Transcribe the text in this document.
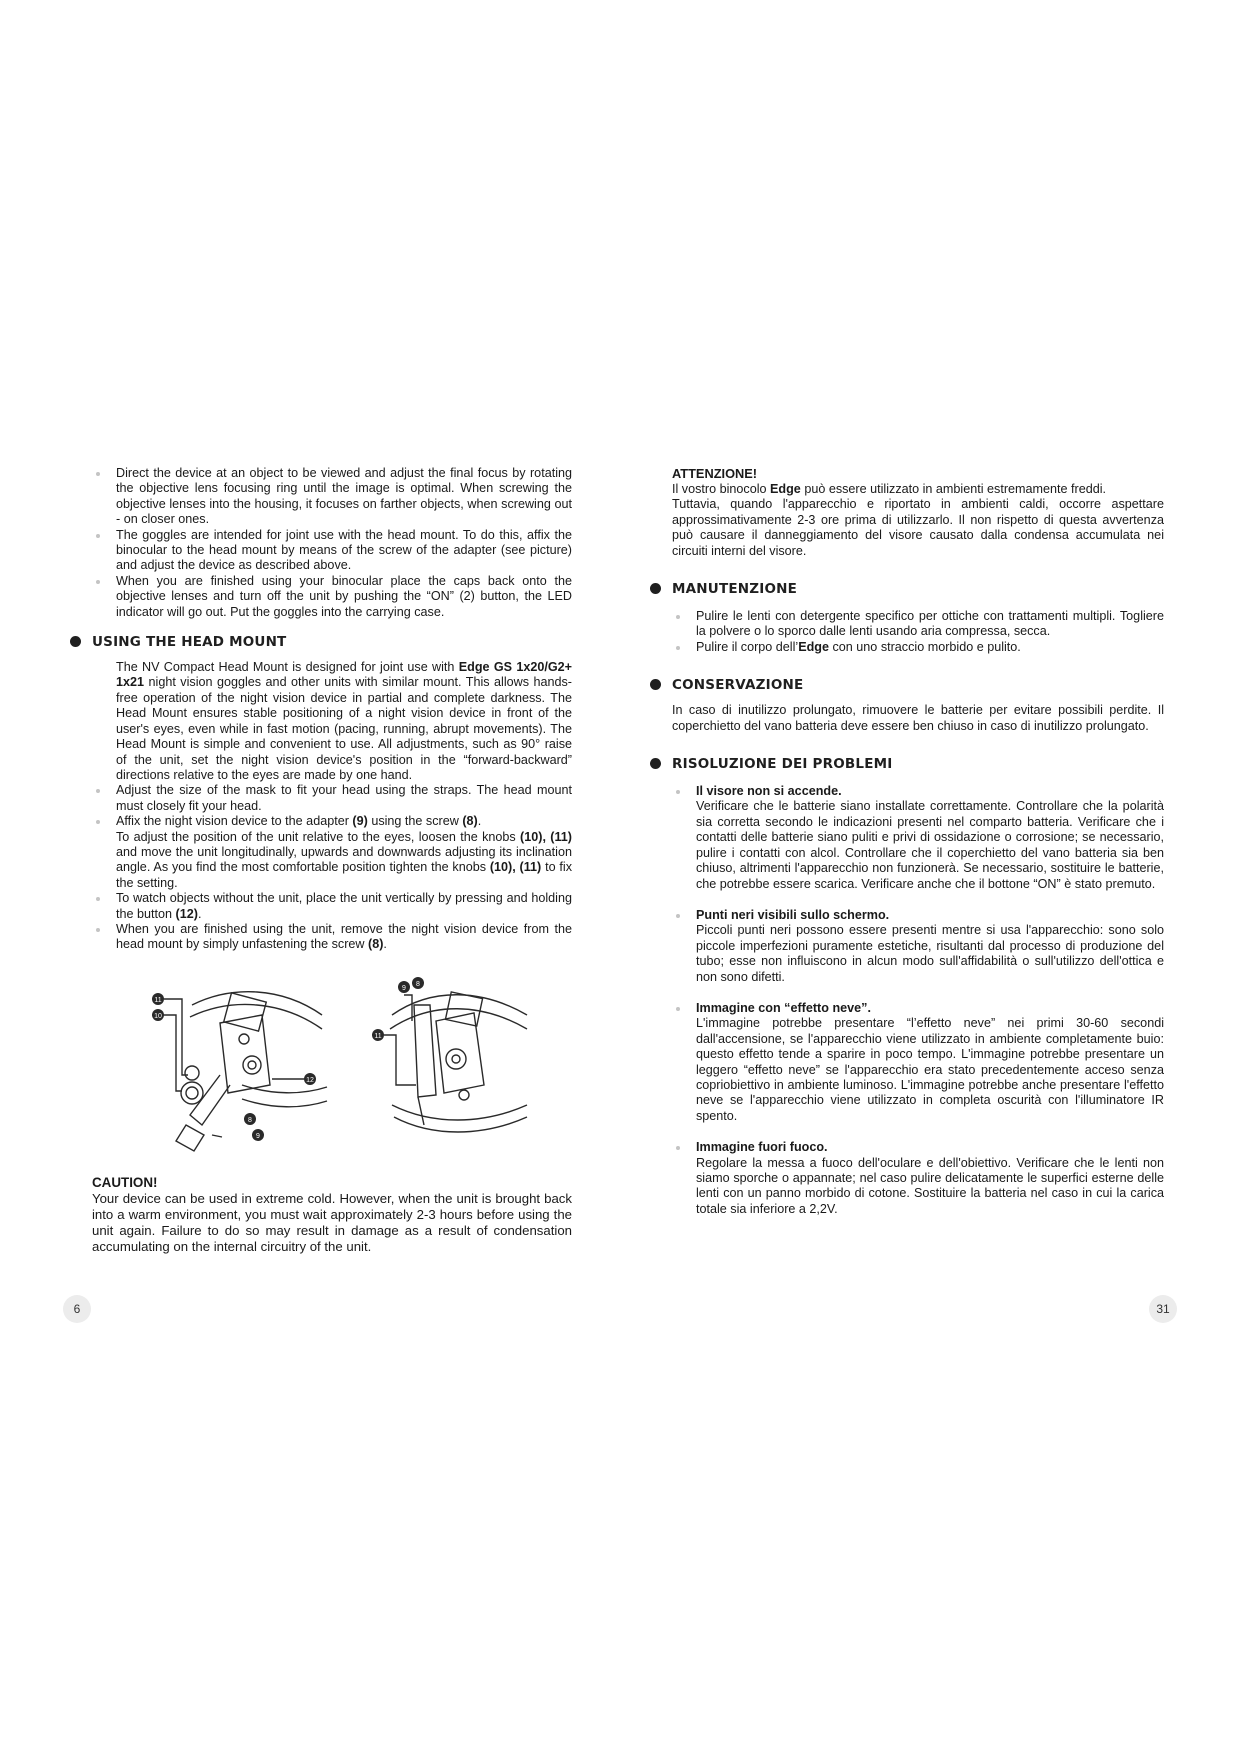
Direct the device at an object to be viewed and adjust the final focus by rotating the objective lens focusing ring until the image is optimal. When screwing the objective lenses into the housing, it focuses on farther objects, when screwing out - on closer ones.
The goggles are intended for joint use with the head mount. To do this, affix the binocular to the head mount by means of the screw of the adapter (see picture) and adjust the device as described above.
When you are finished using your binocular place the caps back onto the objective lenses and turn off the unit by pushing the “ON” (2) button, the LED indicator will go out. Put the goggles into the carrying case.
USING THE HEAD MOUNT
The NV Compact Head Mount is designed for joint use with Edge GS 1x20/G2+ 1x21 night vision goggles and other units with similar mount. This allows hands-free operation of the night vision device in partial and complete darkness. The Head Mount ensures stable positioning of a night vision device in front of the user's eyes, even while in fast motion (pacing, running, abrupt movements). The Head Mount is simple and convenient to use. All adjustments, such as 90° raise of the unit, set the night vision device's position in the “forward-backward” directions relative to the eyes are made by one hand.
Adjust the size of the mask to fit your head using the straps. The head mount must closely fit your head.
Affix the night vision device to the adapter (9) using the screw (8).
To adjust the position of the unit relative to the eyes, loosen the knobs (10), (11) and move the unit longitudinally, upwards and downwards adjusting its inclination angle. As you find the most comfortable position tighten the knobs (10), (11) to fix the setting.
To watch objects without the unit, place the unit vertically by pressing and holding the button (12).
When you are finished using the unit, remove the night vision device from the head mount by simply unfastening the screw (8).
11
10
12
8
9
9
8
11

CAUTION!

Your device can be used in extreme cold. However, when the unit is brought back into a warm environment, you must wait approximately 2-3 hours before using the unit again. Failure to do so may result in damage as a result of condensation accumulating on the internal circuitry of the unit.

6

ATTENZIONE!

Il vostro binocolo Edge può essere utilizzato in ambienti estremamente freddi.

Tuttavia, quando l'apparecchio e riportato in ambienti caldi, occorre aspettare approssimativamente 2-3 ore prima di utilizzarlo. Il non rispetto di questa avvertenza può causare il danneggiamento del visore causato dalla condensa accumulata nei circuiti interni del visore.

MANUTENZIONE
Pulire le lenti con detergente specifico per ottiche con trattamenti multipli. Togliere la polvere o lo sporco dalle lenti usando aria compressa, secca.
Pulire il corpo dell’Edge con uno straccio morbido e pulito.
CONSERVAZIONE

In caso di inutilizzo prolungato, rimuovere le batterie per evitare possibili perdite. Il coperchietto del vano batteria deve essere ben chiuso in caso di inutilizzo prolungato.

RISOLUZIONE DEI PROBLEMI
Il visore non si accende.
Verificare che le batterie siano installate correttamente. Controllare che la polarità sia corretta secondo le indicazioni presenti nel comparto batteria. Verificare che i contatti delle batterie siano puliti e privi di ossidazione o corrosione; se necessario, pulire i contatti con alcol. Controllare che il coperchietto del vano batteria sia ben chiuso, altrimenti l'apparecchio non funzionerà. Se necessario, sostituire le batterie, che potrebbe essere scarica. Verificare anche che il bottone “ON” è stato premuto.
Punti neri visibili sullo schermo.
Piccoli punti neri possono essere presenti mentre si usa l'apparecchio: sono solo piccole imperfezioni puramente estetiche, risultanti dal processo di produzione del tubo; esse non influiscono in alcun modo sull'affidabilità o sull'utilizzo dell'ottica e non sono difetti.
Immagine con “effetto neve”.
L'immagine potrebbe presentare “l’effetto neve” nei primi 30-60 secondi dall'accensione, se l'apparecchio viene utilizzato in ambiente completamente buio: questo effetto tende a sparire in poco tempo. L'immagine potrebbe presentare un leggero “effetto neve” se l'apparecchio era stato precedentemente acceso senza copriobiettivo in ambiente luminoso. L'immagine potrebbe anche presentare l'effetto neve se l'apparecchio viene utilizzato in completa oscurità con l'illuminatore IR spento.
Immagine fuori fuoco.
Regolare la messa a fuoco dell'oculare e dell'obiettivo. Verificare che le lenti non siamo sporche o appannate; nel caso pulire delicatamente le superfici esterne delle lenti con un panno morbido di cotone. Sostituire la batteria nel caso in cui la carica totale sia inferiore a 2,2V.
31
